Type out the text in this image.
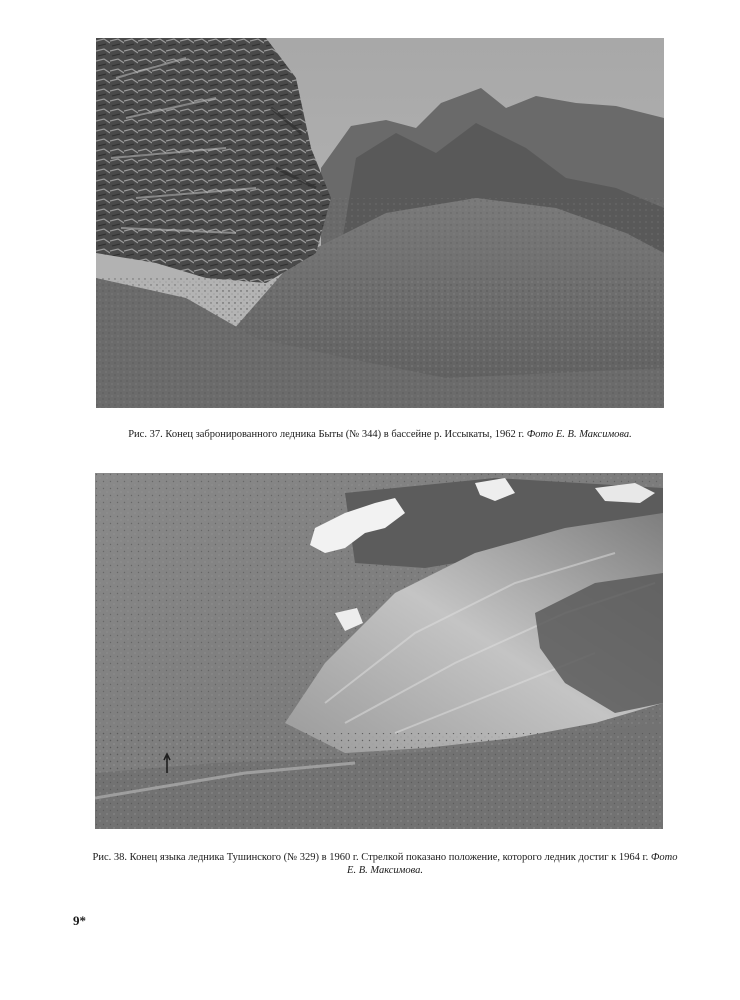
Рис. 37. Конец забронированного ледника Быты (№ 344) в бассейне р. Иссыкаты, 1962 г. Фото Е. В. Максимова.
Рис. 38. Конец языка ледника Тушинского (№ 329) в 1960 г. Стрелкой показано положение, которого ледник достиг к 1964 г. Фото Е. В. Максимова.
9*
